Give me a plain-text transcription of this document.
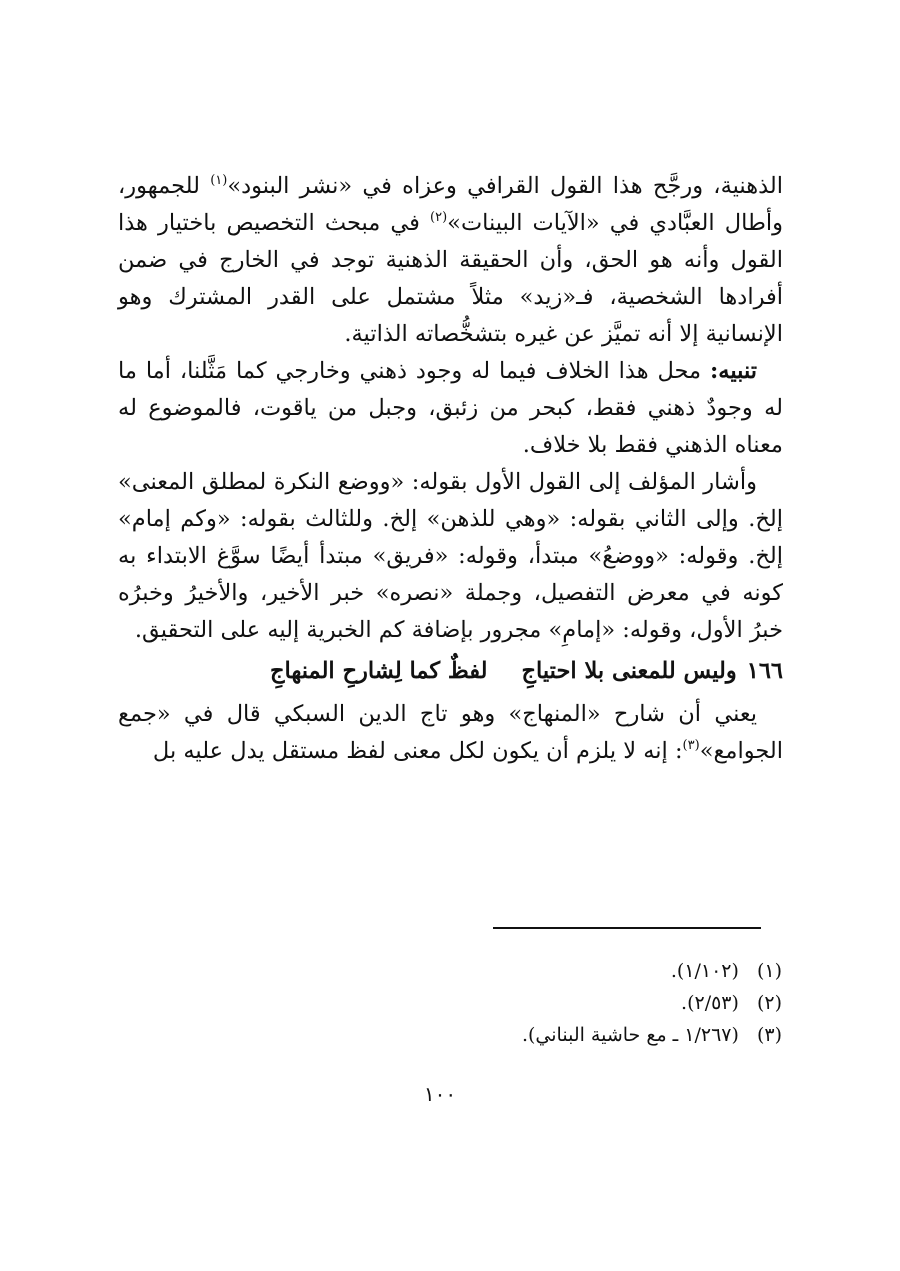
الذهنية، ورجَّح هذا القول القرافي وعزاه في «نشر البنود»$^{(١)}$ للجمهور، وأطال العبَّادي في «الآيات البينات»$^{(٢)}$ في مبحث التخصيص باختيار هذا القول وأنه هو الحق، وأن الحقيقة الذهنية توجد في الخارج في ضمن أفرادها الشخصية، فـ«زيد» مثلاً مشتمل على القدر المشترك وهو الإنسانية إلا أنه تميَّز عن غيره بتشخُّصاته الذاتية.

تنبيه: محل هذا الخلاف فيما له وجود ذهني وخارجي كما مَثَّلنا، أما ما له وجودٌ ذهني فقط، كبحر من زئبق، وجبل من ياقوت، فالموضوع له معناه الذهني فقط بلا خلاف.

وأشار المؤلف إلى القول الأول بقوله: «ووضع النكرة لمطلق المعنى» إلخ. وإلى الثاني بقوله: «وهي للذهن» إلخ. وللثالث بقوله: «وكم إمام» إلخ. وقوله: «ووضعُ» مبتدأ، وقوله: «فريق» مبتدأ أيضًا سوَّغ الابتداء به كونه في معرض التفصيل، وجملة «نصره» خبر الأخير، والأخيرُ وخبرُه خبرُ الأول، وقوله: «إمامِ» مجرور بإضافة كم الخبرية إليه على التحقيق.

١٦٦وليس للمعنى بلا احتياجِ
لفظٌ كما لِشارحِ المنهاجِ

يعني أن شارح «المنهاج» وهو تاج الدين السبكي قال في «جمع الجوامع»$^{(٣)}$: إنه لا يلزم أن يكون لكل معنى لفظ مستقل يدل عليه بل

(١)
(١/١٠٢).
(٢)
(٢/٥٣).
(٣)
(١/٢٦٧ ـ مع حاشية البناني).
١٠٠
